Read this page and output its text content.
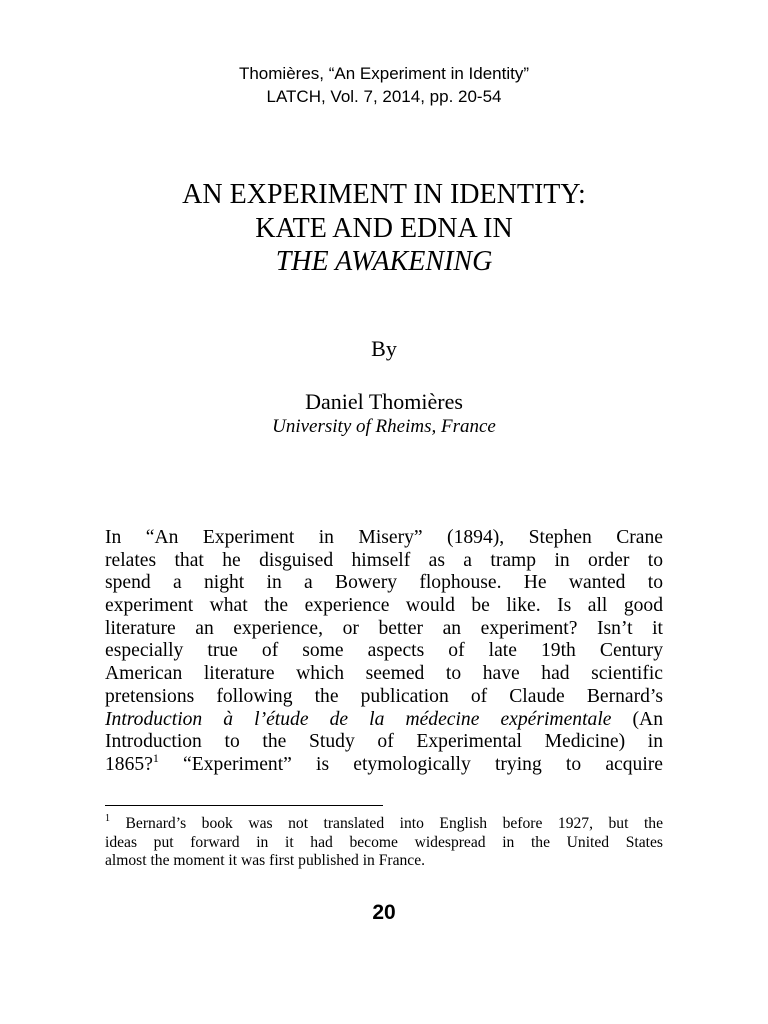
Thomières, “An Experiment in Identity”
LATCH, Vol. 7, 2014, pp. 20-54
AN EXPERIMENT IN IDENTITY:
KATE AND EDNA IN
THE AWAKENING
By
Daniel Thomières
University of Rheims, France
In “An Experiment in Misery” (1894), Stephen Crane
relates that he disguised himself as a tramp in order to
spend a night in a Bowery flophouse. He wanted to
experiment what the experience would be like. Is all good
literature an experience, or better an experiment? Isn’t it
especially true of some aspects of late 19th Century
American literature which seemed to have had scientific
pretensions following the publication of Claude Bernard’s
Introduction à l’étude de la médecine expérimentale (An
Introduction to the Study of Experimental Medicine) in
1865?$^1$ “Experiment” is etymologically trying to acquire
$^1$ Bernard’s book was not translated into English before 1927, but the
ideas put forward in it had become widespread in the United States
almost the moment it was first published in France.
20
